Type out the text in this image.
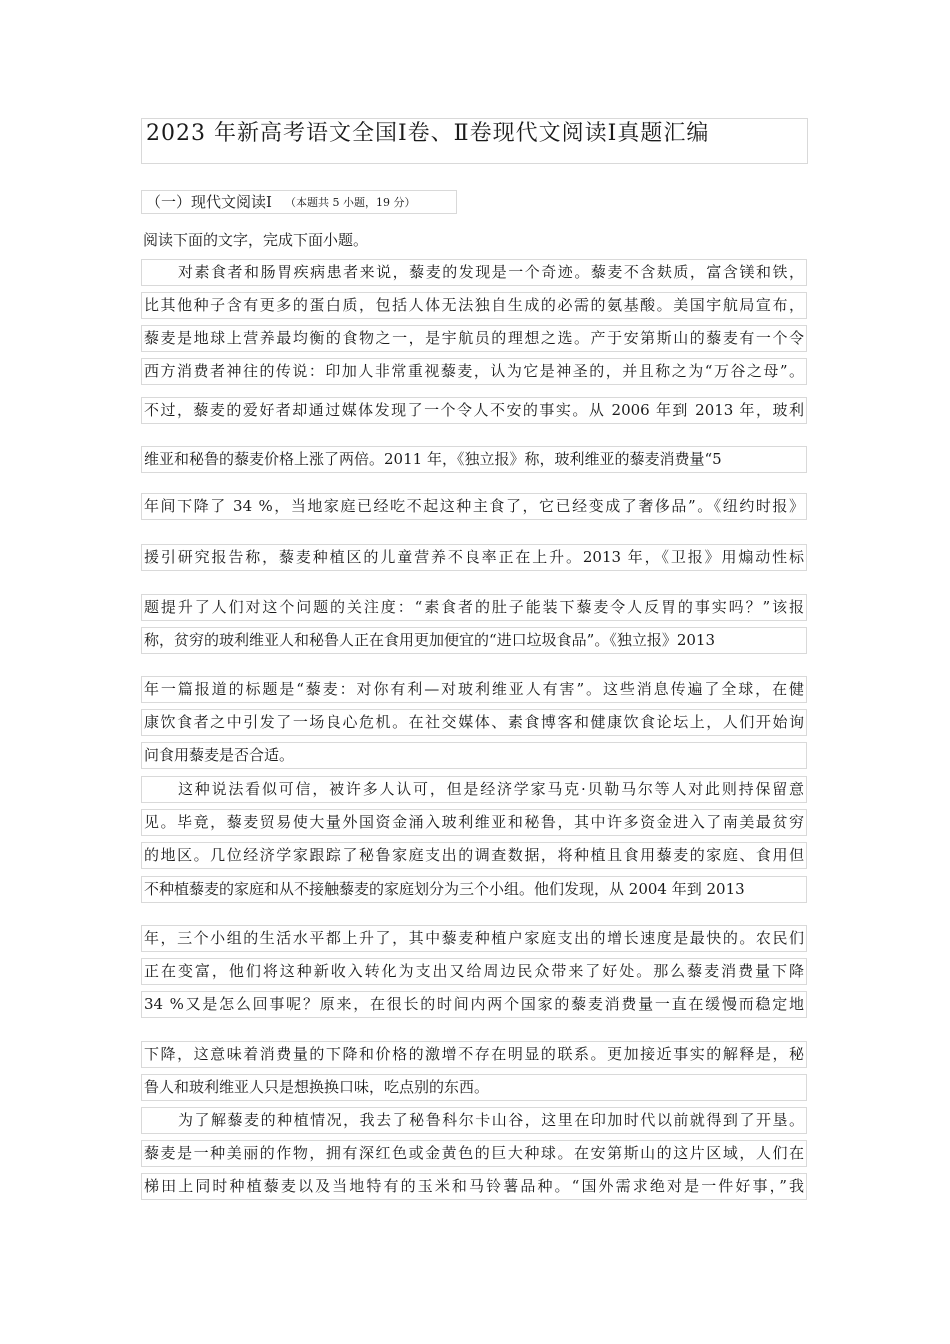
2023 年新高考语文全国Ⅰ卷、Ⅱ卷现代文阅读Ⅰ真题汇编
（一）现代文阅读Ⅰ （本题共 5 小题，19 分）
阅读下面的文字，完成下面小题。
对素食者和肠胃疾病患者来说，藜麦的发现是一个奇迹。藜麦不含麸质，富含镁和铁，
比其他种子含有更多的蛋白质，包括人体无法独自生成的必需的氨基酸。美国宇航局宣布，
藜麦是地球上营养最均衡的食物之一，是宇航员的理想之选。产于安第斯山的藜麦有一个令
西方消费者神往的传说：印加人非常重视藜麦，认为它是神圣的，并且称之为“万谷之母”。
不过，藜麦的爱好者却通过媒体发现了一个令人不安的事实。从 2006 年到 2013 年，玻利
维亚和秘鲁的藜麦价格上涨了两倍。2011 年，《独立报》称，玻利维亚的藜麦消费量“5
年间下降了 34 %，当地家庭已经吃不起这种主食了，它已经变成了奢侈品”。《纽约时报》
援引研究报告称，藜麦种植区的儿童营养不良率正在上升。2013 年，《卫报》用煽动性标
题提升了人们对这个问题的关注度：“素食者的肚子能装下藜麦令人反胃的事实吗？”该报
称，贫穷的玻利维亚人和秘鲁人正在食用更加便宜的“进口垃圾食品”。《独立报》2013
年一篇报道的标题是“藜麦：对你有利—对玻利维亚人有害”。这些消息传遍了全球，在健
康饮食者之中引发了一场良心危机。在社交媒体、素食博客和健康饮食论坛上，人们开始询
问食用藜麦是否合适。
这种说法看似可信，被许多人认可，但是经济学家马克·贝勒马尔等人对此则持保留意
见。毕竟，藜麦贸易使大量外国资金涌入玻利维亚和秘鲁，其中许多资金进入了南美最贫穷
的地区。几位经济学家跟踪了秘鲁家庭支出的调查数据，将种植且食用藜麦的家庭、食用但
不种植藜麦的家庭和从不接触藜麦的家庭划分为三个小组。他们发现，从 2004 年到 2013
年，三个小组的生活水平都上升了，其中藜麦种植户家庭支出的增长速度是最快的。农民们
正在变富，他们将这种新收入转化为支出又给周边民众带来了好处。那么藜麦消费量下降
34 %又是怎么回事呢？原来，在很长的时间内两个国家的藜麦消费量一直在缓慢而稳定地
下降，这意味着消费量的下降和价格的激增不存在明显的联系。更加接近事实的解释是，秘
鲁人和玻利维亚人只是想换换口味，吃点别的东西。
为了解藜麦的种植情况，我去了秘鲁科尔卡山谷，这里在印加时代以前就得到了开垦。
藜麦是一种美丽的作物，拥有深红色或金黄色的巨大种球。在安第斯山的这片区域，人们在
梯田上同时种植藜麦以及当地特有的玉米和马铃薯品种。“国外需求绝对是一件好事，”我
